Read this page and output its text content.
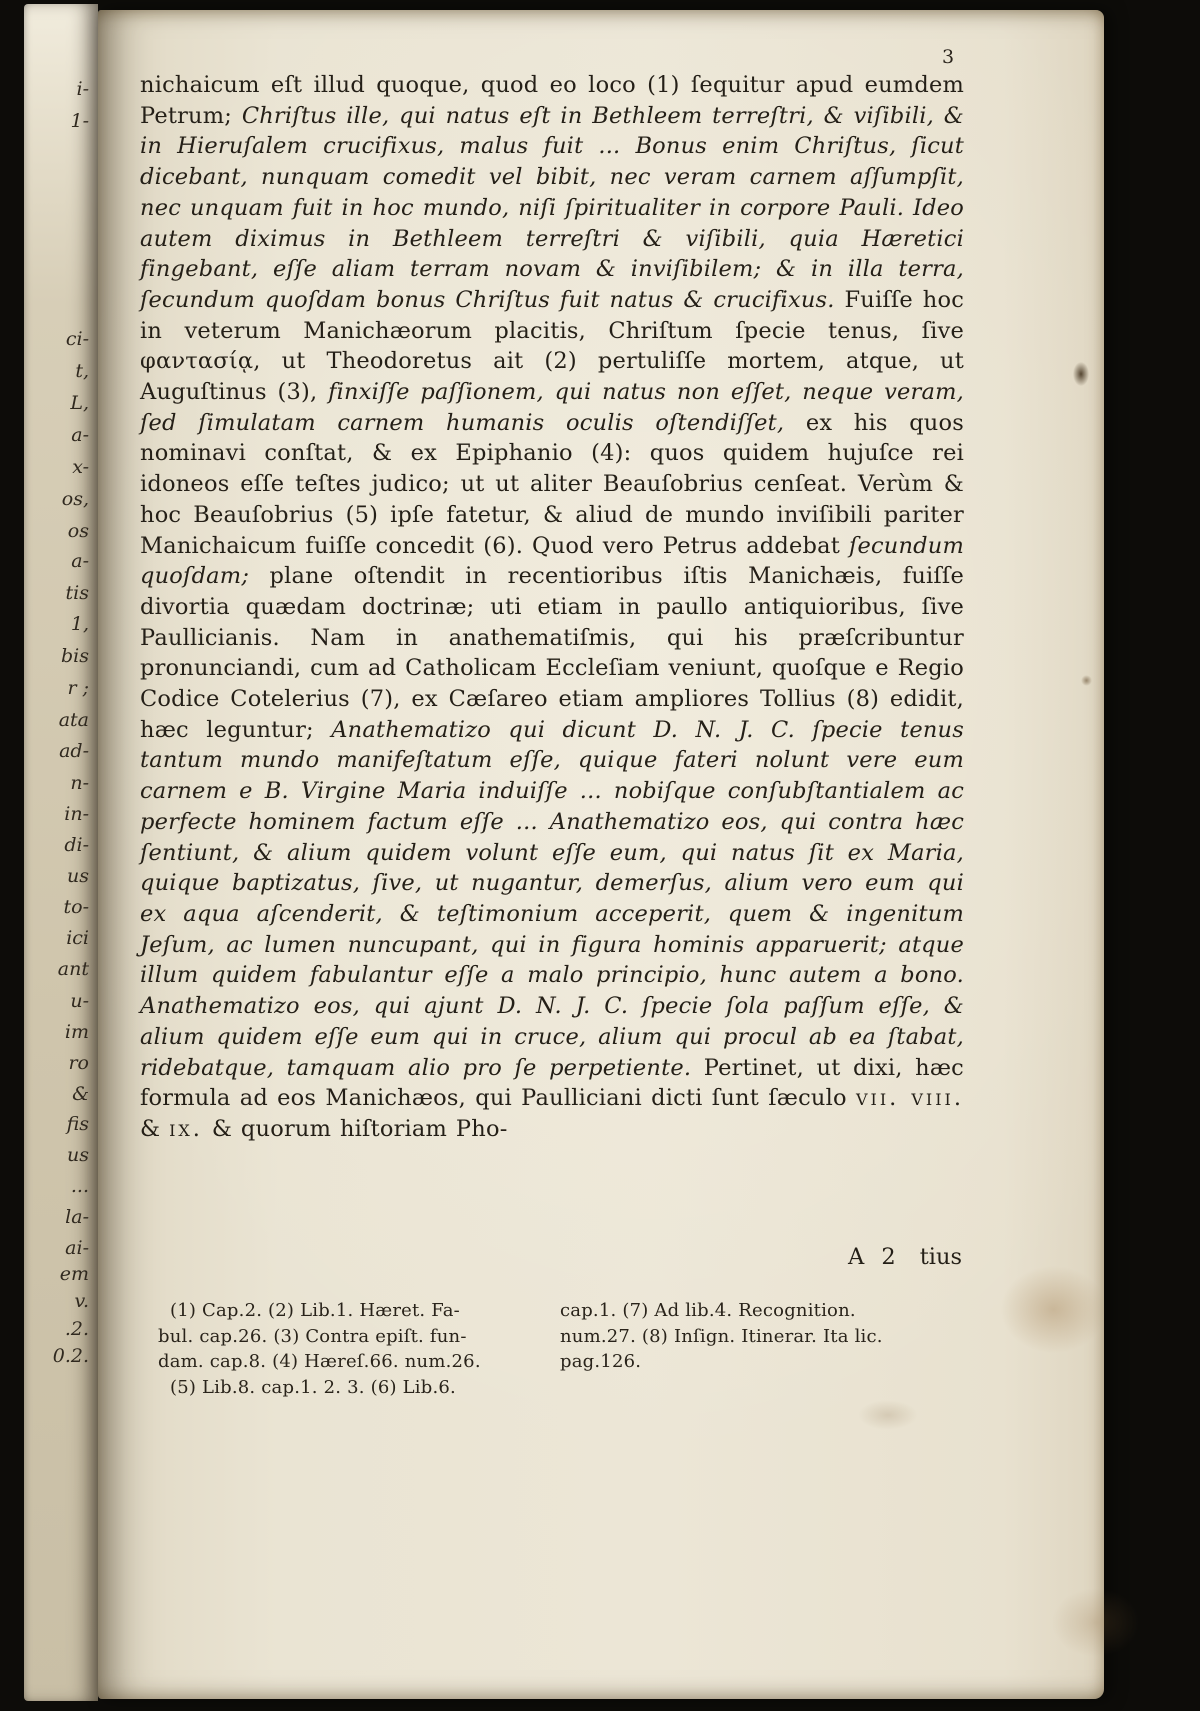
i-
1-
ci-
t,
L,
a-
x-
os,
os
a-
tis
1,
bis
r ;
ata
ad-
n-
in-
di-
us
to-
ici
ant
u-
im
ro
&
fis
us
...
la-
ai-
em
v.
.2.
0.2.
3

nichaicum eſt illud quoque, quod eo loco (1) ſequitur apud eumdem Petrum; Chriſtus ille, qui natus eſt in Bethleem terreſtri, & viſibili, & in Hieruſalem crucifixus, malus fuit ... Bonus enim Chriſtus, ſicut dicebant, nunquam comedit vel bibit, nec veram carnem aſſumpſit, nec unquam fuit in hoc mundo, niſi ſpiritualiter in corpore Pauli. Ideo autem diximus in Bethleem terreſtri & viſibili, quia Hæretici fingebant, eſſe aliam terram novam & inviſibilem; & in illa terra, ſecundum quoſdam bonus Chriſtus fuit natus & crucifixus. Fuiſſe hoc in veterum Manichæorum placitis, Chriſtum ſpecie tenus, ſive φαντασίᾳ, ut Theodoretus ait (2) pertuliſſe mortem, atque, ut Auguſtinus (3), finxiſſe paſſionem, qui natus non eſſet, neque veram, ſed ſimulatam carnem humanis oculis oſtendiſſet, ex his quos nominavi conſtat, & ex Epiphanio (4): quos quidem hujuſce rei idoneos eſſe teſtes judico; ut ut aliter Beauſobrius cenſeat. Verùm & hoc Beauſobrius (5) ipſe fatetur, & aliud de mundo inviſibili pariter Manichaicum fuiſſe concedit (6). Quod vero Petrus addebat ſecundum quoſdam; plane oſtendit in recentioribus iſtis Manichæis, fuiſſe divortia quædam doctrinæ; uti etiam in paullo antiquioribus, ſive Paullicianis. Nam in anathematiſmis, qui his præſcribuntur pronunciandi, cum ad Catholicam Eccleſiam veniunt, quoſque e Regio Codice Cotelerius (7), ex Cæſareo etiam ampliores Tollius (8) edidit, hæc leguntur; Anathematizo qui dicunt D. N. J. C. ſpecie tenus tantum mundo manifeſtatum eſſe, quique fateri nolunt vere eum carnem e B. Virgine Maria induiſſe ... nobiſque conſubſtantialem ac perfecte hominem factum eſſe ... Anathematizo eos, qui contra hæc ſentiunt, & alium quidem volunt eſſe eum, qui natus ſit ex Maria, quique baptizatus, ſive, ut nugantur, demerſus, alium vero eum qui ex aqua aſcenderit, & teſtimonium acceperit, quem & ingenitum Jeſum, ac lumen nuncupant, qui in figura hominis apparuerit; atque illum quidem fabulantur eſſe a malo principio, hunc autem a bono. Anathematizo eos, qui ajunt D. N. J. C. ſpecie ſola paſſum eſſe, & alium quidem eſſe eum qui in cruce, alium qui procul ab ea ſtabat, ridebatque, tamquam alio pro ſe perpetiente. Pertinet, ut dixi, hæc formula ad eos Manichæos, qui Paulliciani dicti ſunt ſæculo vii. viii. & ix. & quorum hiſtoriam Pho-

A 2 tius
(1) Cap.2. (2) Lib.1. Hæret. Fa-
bul. cap.26. (3) Contra epiſt. fun-
dam. cap.8. (4) Hæreſ.66. num.26.
(5) Lib.8. cap.1. 2. 3. (6) Lib.6.
cap.1. (7) Ad lib.4. Recognition.
num.27. (8) Inſign. Itinerar. Ita lic.
pag.126.
